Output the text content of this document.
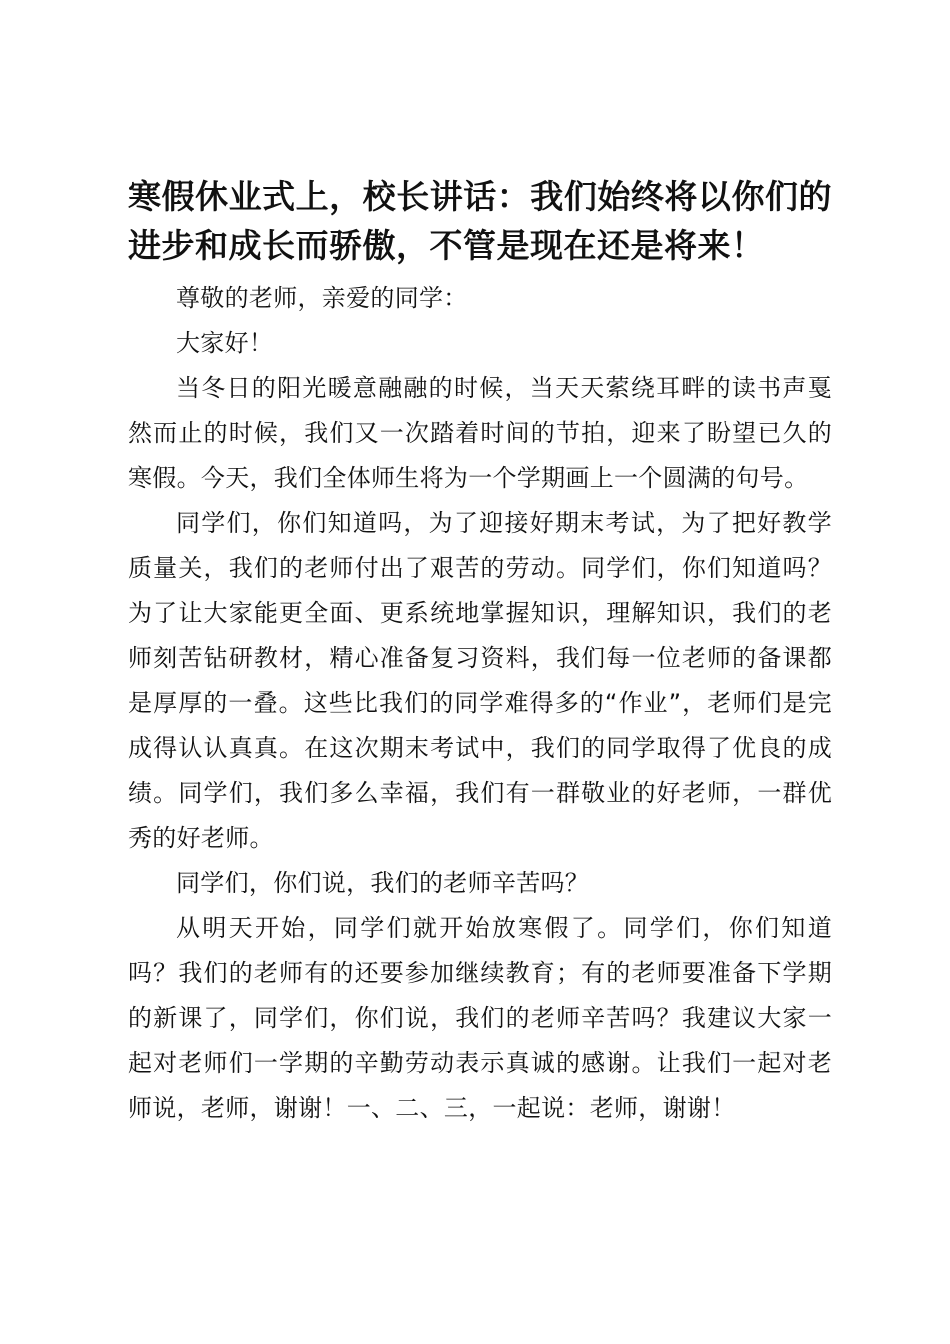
寒假休业式上，校长讲话：我们始终将以你们的进步和成长而骄傲，不管是现在还是将来！

尊敬的老师，亲爱的同学：

大家好！

当冬日的阳光暖意融融的时候，当天天萦绕耳畔的读书声戛然而止的时候，我们又一次踏着时间的节拍，迎来了盼望已久的寒假。今天，我们全体师生将为一个学期画上一个圆满的句号。

同学们，你们知道吗，为了迎接好期末考试，为了把好教学质量关，我们的老师付出了艰苦的劳动。同学们，你们知道吗？为了让大家能更全面、更系统地掌握知识，理解知识，我们的老师刻苦钻研教材，精心准备复习资料，我们每一位老师的备课都是厚厚的一叠。这些比我们的同学难得多的“作业”，老师们是完成得认认真真。在这次期末考试中，我们的同学取得了优良的成绩。同学们，我们多么幸福，我们有一群敬业的好老师，一群优秀的好老师。

同学们，你们说，我们的老师辛苦吗？

从明天开始，同学们就开始放寒假了。同学们，你们知道吗？我们的老师有的还要参加继续教育；有的老师要准备下学期的新课了，同学们，你们说，我们的老师辛苦吗？我建议大家一起对老师们一学期的辛勤劳动表示真诚的感谢。让我们一起对老师说，老师，谢谢！一、二、三，一起说：老师，谢谢！
